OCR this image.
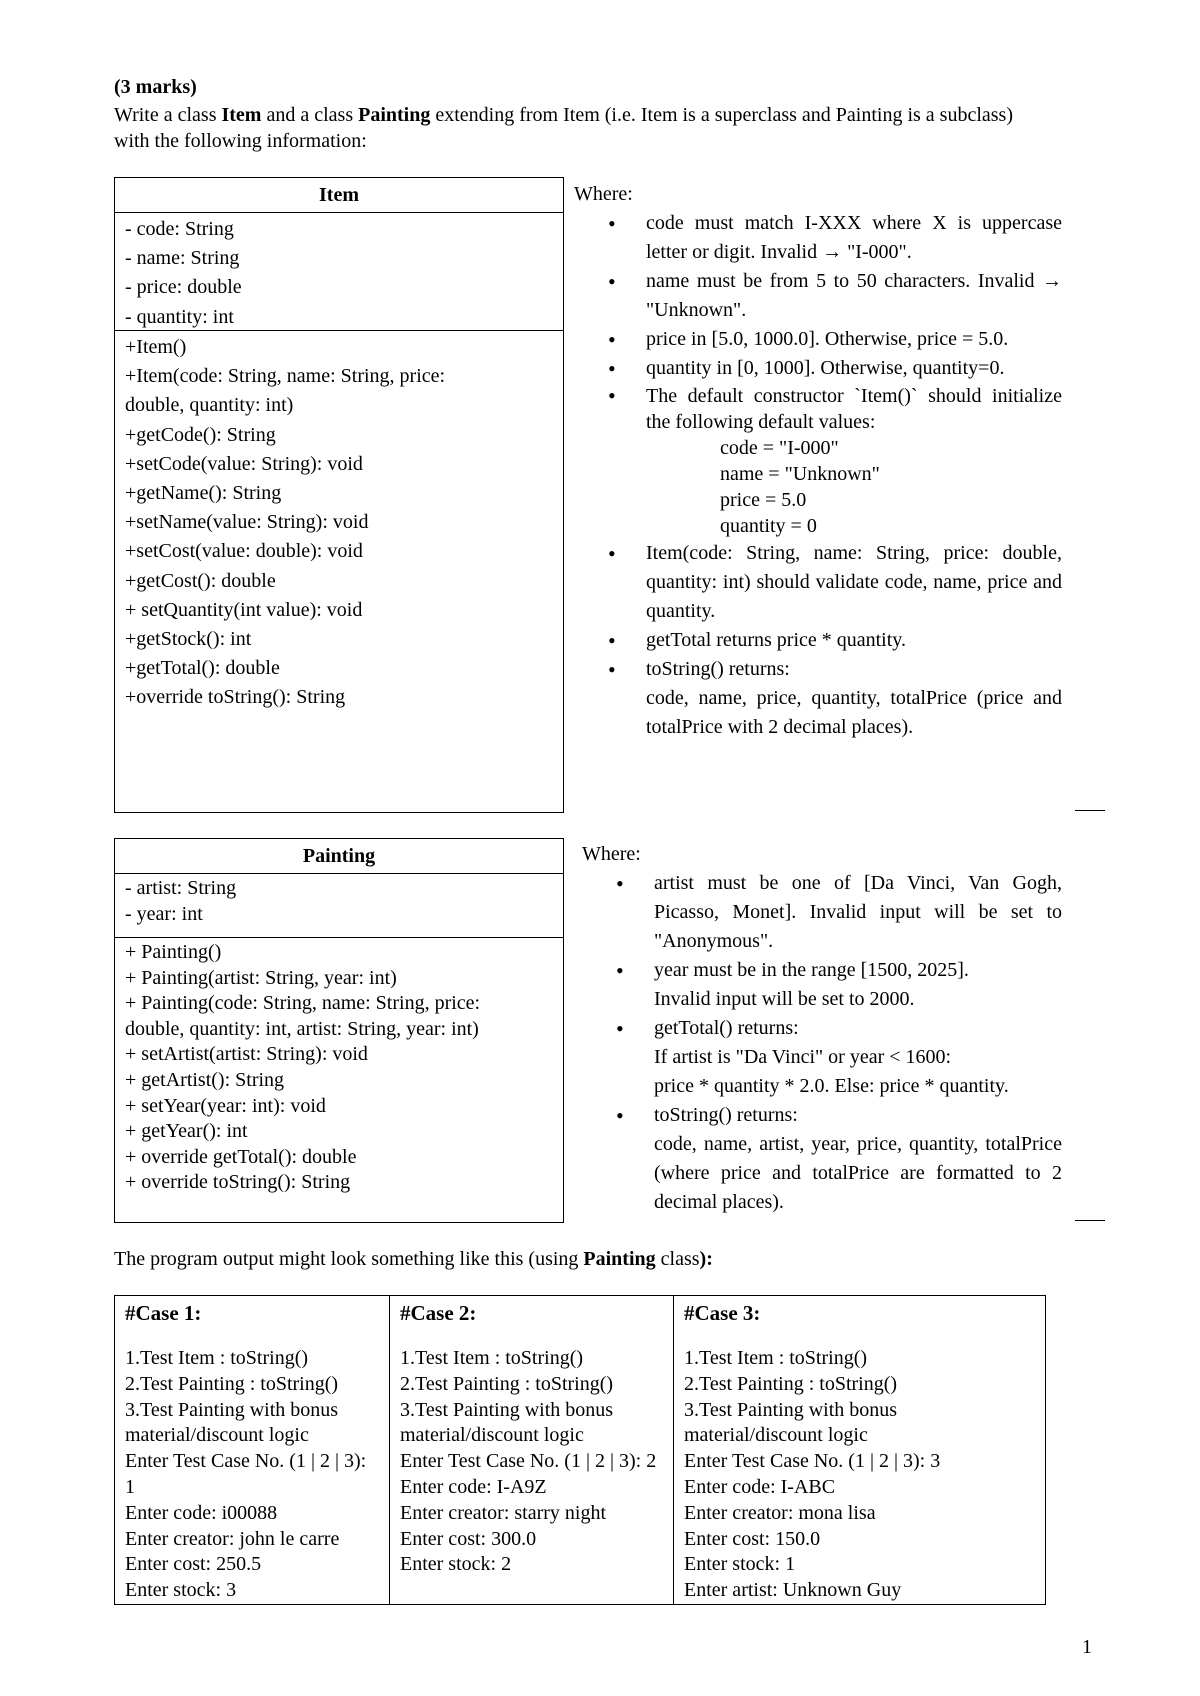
(3 marks)

Write a class Item and a class Painting extending from Item (i.e. Item is a superclass and Painting is a subclass) with the following information:

Item
- code: String
- name: String
- price: double
- quantity: int
+Item()
+Item(code: String, name: String, price:
double, quantity: int)
+getCode(): String
+setCode(value: String): void
+getName(): String
+setName(value: String): void
+setCost(value: double): void
+getCost(): double
+ setQuantity(int value): void
+getStock(): int
+getTotal(): double
+override toString(): String
Where:
• code must match I-XXX where X is uppercase letter or digit. Invalid → "I-000".
• name must be from 5 to 50 characters. Invalid → "Unknown".
• price in [5.0, 1000.0]. Otherwise, price = 5.0.
• quantity in [0, 1000]. Otherwise, quantity=0.
• The default constructor `Item()` should initialize the following default values:
code = "I-000"
name = "Unknown"
price = 5.0
quantity = 0
• Item(code: String, name: String, price: double, quantity: int) should validate code, name, price and quantity.
• getTotal returns price * quantity.
• toString() returns:
code, name, price, quantity, totalPrice (price and totalPrice with 2 decimal places).
Painting
- artist: String
- year: int
+ Painting()
+ Painting(artist: String, year: int)
+ Painting(code: String, name: String, price:
double, quantity: int, artist: String, year: int)
+ setArtist(artist: String): void
+ getArtist(): String
+ setYear(year: int): void
+ getYear(): int
+ override getTotal(): double
+ override toString(): String
Where:
• artist must be one of [Da Vinci, Van Gogh, Picasso, Monet]. Invalid input will be set to "Anonymous".
• year must be in the range [1500, 2025].
Invalid input will be set to 2000.
• getTotal() returns:
If artist is "Da Vinci" or year < 1600:
price * quantity * 2.0. Else: price * quantity.
• toString() returns:
code, name, artist, year, price, quantity, totalPrice (where price and totalPrice are formatted to 2 decimal places).

The program output might look something like this (using Painting class):

#Case 1:
1.Test Item : toString()
2.Test Painting : toString()
3.Test Painting with bonus material/discount logic
Enter Test Case No. (1 | 2 | 3): 1
Enter code: i00088
Enter creator: john le carre
Enter cost: 250.5
Enter stock: 3

#Case 2:
1.Test Item : toString()
2.Test Painting : toString()
3.Test Painting with bonus material/discount logic
Enter Test Case No. (1 | 2 | 3): 2
Enter code: I-A9Z
Enter creator: starry night
Enter cost: 300.0
Enter stock: 2

#Case 3:
1.Test Item : toString()
2.Test Painting : toString()
3.Test Painting with bonus material/discount logic
Enter Test Case No. (1 | 2 | 3): 3
Enter code: I-ABC
Enter creator: mona lisa
Enter cost: 150.0
Enter stock: 1
Enter artist: Unknown Guy
1
